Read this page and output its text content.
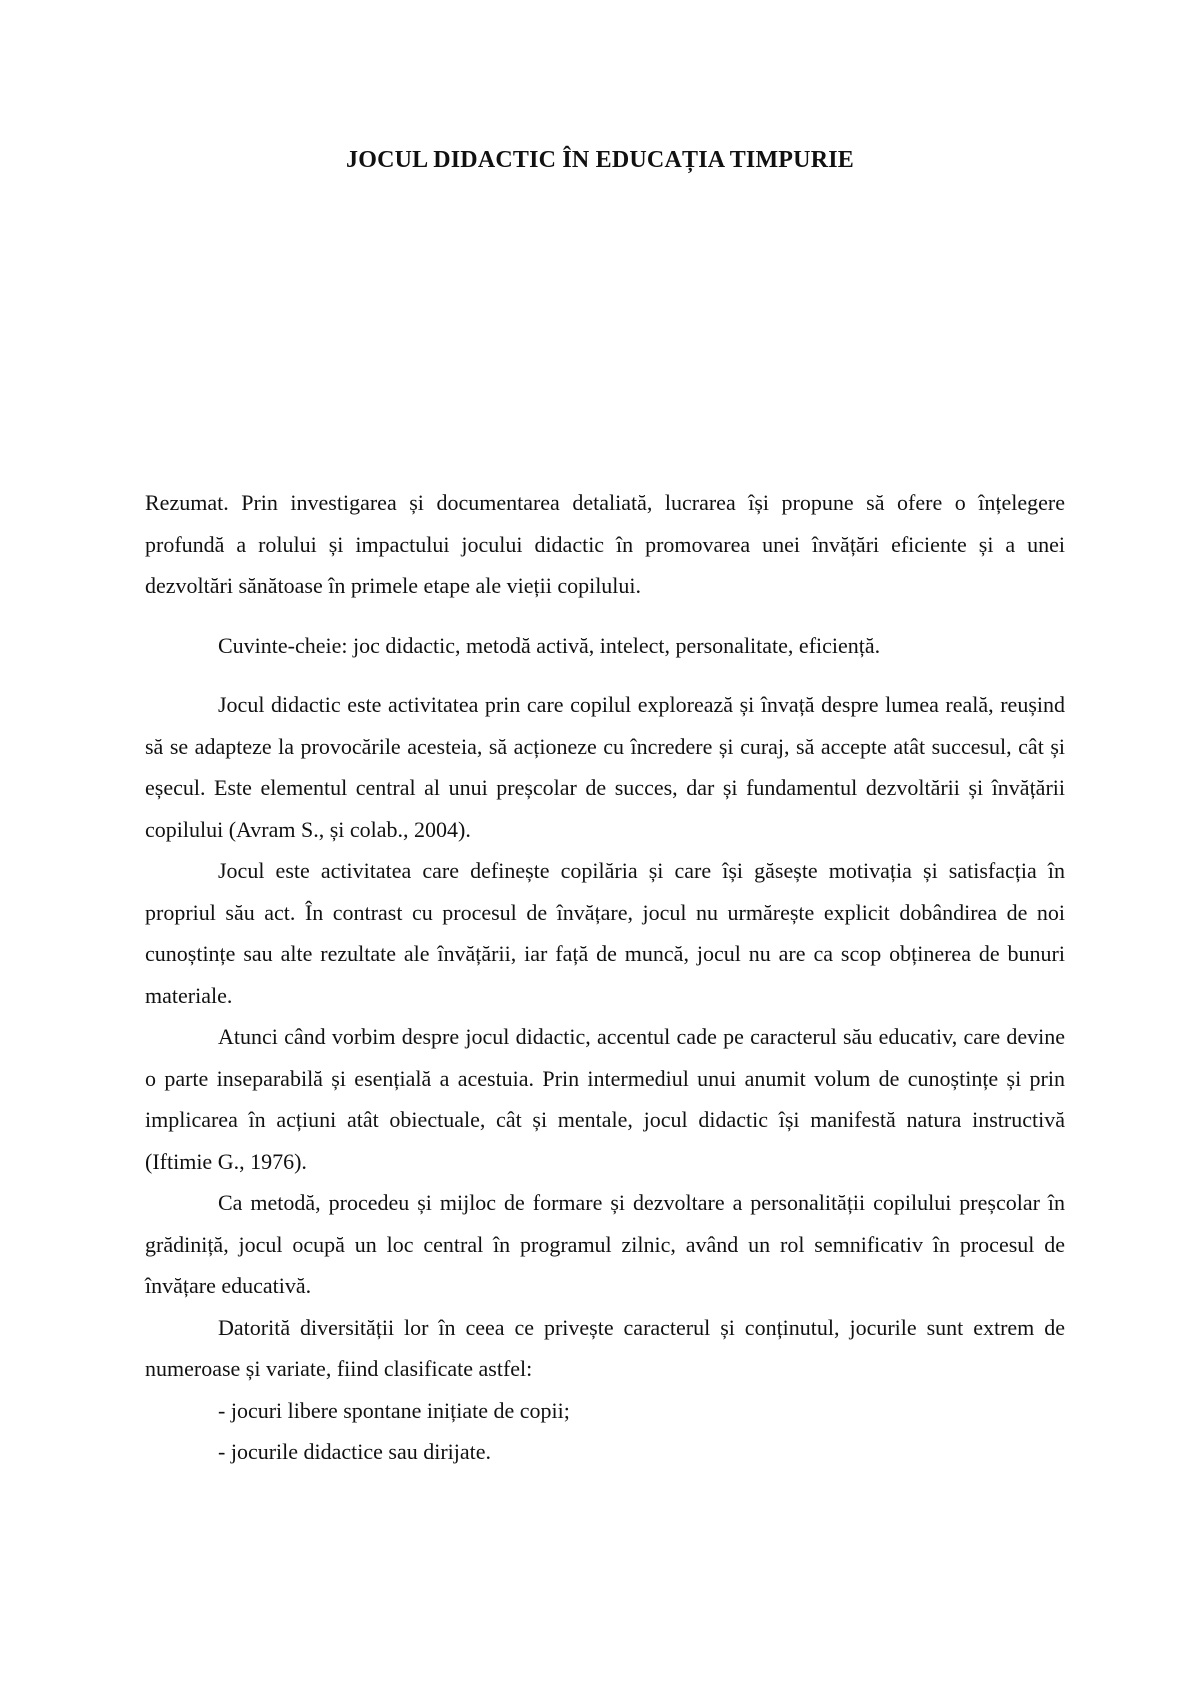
JOCUL DIDACTIC ÎN EDUCAȚIA TIMPURIE

Rezumat. Prin investigarea și documentarea detaliată, lucrarea își propune să ofere o înțelegere profundă a rolului și impactului jocului didactic în promovarea unei învățări eficiente și a unei dezvoltări sănătoase în primele etape ale vieții copilului.

Cuvinte-cheie: joc didactic, metodă activă, intelect, personalitate, eficiență.

Jocul didactic este activitatea prin care copilul explorează și învață despre lumea reală, reușind să se adapteze la provocările acesteia, să acționeze cu încredere și curaj, să accepte atât succesul, cât și eșecul. Este elementul central al unui preșcolar de succes, dar și fundamentul dezvoltării și învățării copilului (Avram S., și colab., 2004).

Jocul este activitatea care definește copilăria și care își găsește motivația și satisfacția în propriul său act. În contrast cu procesul de învățare, jocul nu urmărește explicit dobândirea de noi cunoștințe sau alte rezultate ale învățării, iar față de muncă, jocul nu are ca scop obținerea de bunuri materiale.

Atunci când vorbim despre jocul didactic, accentul cade pe caracterul său educativ, care devine o parte inseparabilă și esențială a acestuia. Prin intermediul unui anumit volum de cunoștințe și prin implicarea în acțiuni atât obiectuale, cât și mentale, jocul didactic își manifestă natura instructivă (Iftimie G., 1976).

Ca metodă, procedeu și mijloc de formare și dezvoltare a personalității copilului preșcolar în grădiniță, jocul ocupă un loc central în programul zilnic, având un rol semnificativ în procesul de învățare educativă.

Datorită diversității lor în ceea ce privește caracterul și conținutul, jocurile sunt extrem de numeroase și variate, fiind clasificate astfel:

- jocuri libere spontane inițiate de copii;

- jocurile didactice sau dirijate.
